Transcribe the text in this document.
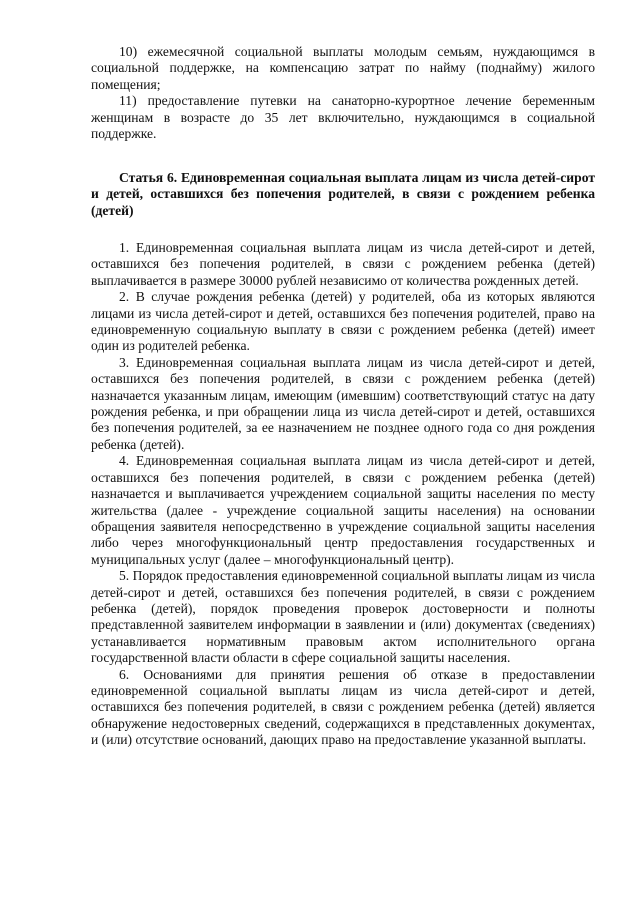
10) ежемесячной социальной выплаты молодым семьям, нуждающимся в социальной поддержке, на компенсацию затрат по найму (поднайму) жилого помещения;

11) предоставление путевки на санаторно-курортное лечение беременным женщинам в возрасте до 35 лет включительно, нуждающимся в социальной поддержке.

Статья 6. Единовременная социальная выплата лицам из числа детей-сирот и детей, оставшихся без попечения родителей, в связи с рождением ребенка (детей)

1. Единовременная социальная выплата лицам из числа детей-сирот и детей, оставшихся без попечения родителей, в связи с рождением ребенка (детей) выплачивается в размере 30000 рублей независимо от количества рожденных детей.

2. В случае рождения ребенка (детей) у родителей, оба из которых являются лицами из числа детей-сирот и детей, оставшихся без попечения родителей, право на единовременную социальную выплату в связи с рождением ребенка (детей) имеет один из родителей ребенка.

3. Единовременная социальная выплата лицам из числа детей-сирот и детей, оставшихся без попечения родителей, в связи с рождением ребенка (детей) назначается указанным лицам, имеющим (имевшим) соответствующий статус на дату рождения ребенка, и при обращении лица из числа детей-сирот и детей, оставшихся без попечения родителей, за ее назначением не позднее одного года со дня рождения ребенка (детей).

4. Единовременная социальная выплата лицам из числа детей-сирот и детей, оставшихся без попечения родителей, в связи с рождением ребенка (детей) назначается и выплачивается учреждением социальной защиты населения по месту жительства (далее - учреждение социальной защиты населения) на основании обращения заявителя непосредственно в учреждение социальной защиты населения либо через многофункциональный центр предоставления государственных и муниципальных услуг (далее – многофункциональный центр).

5. Порядок предоставления единовременной социальной выплаты лицам из числа детей-сирот и детей, оставшихся без попечения родителей, в связи с рождением ребенка (детей), порядок проведения проверок достоверности и полноты представленной заявителем информации в заявлении и (или) документах (сведениях) устанавливается нормативным правовым актом исполнительного органа государственной власти области в сфере социальной защиты населения.

6. Основаниями для принятия решения об отказе в предоставлении единовременной социальной выплаты лицам из числа детей-сирот и детей, оставшихся без попечения родителей, в связи с рождением ребенка (детей) является обнаружение недостоверных сведений, содержащихся в представленных документах, и (или) отсутствие оснований, дающих право на предоставление указанной выплаты.
